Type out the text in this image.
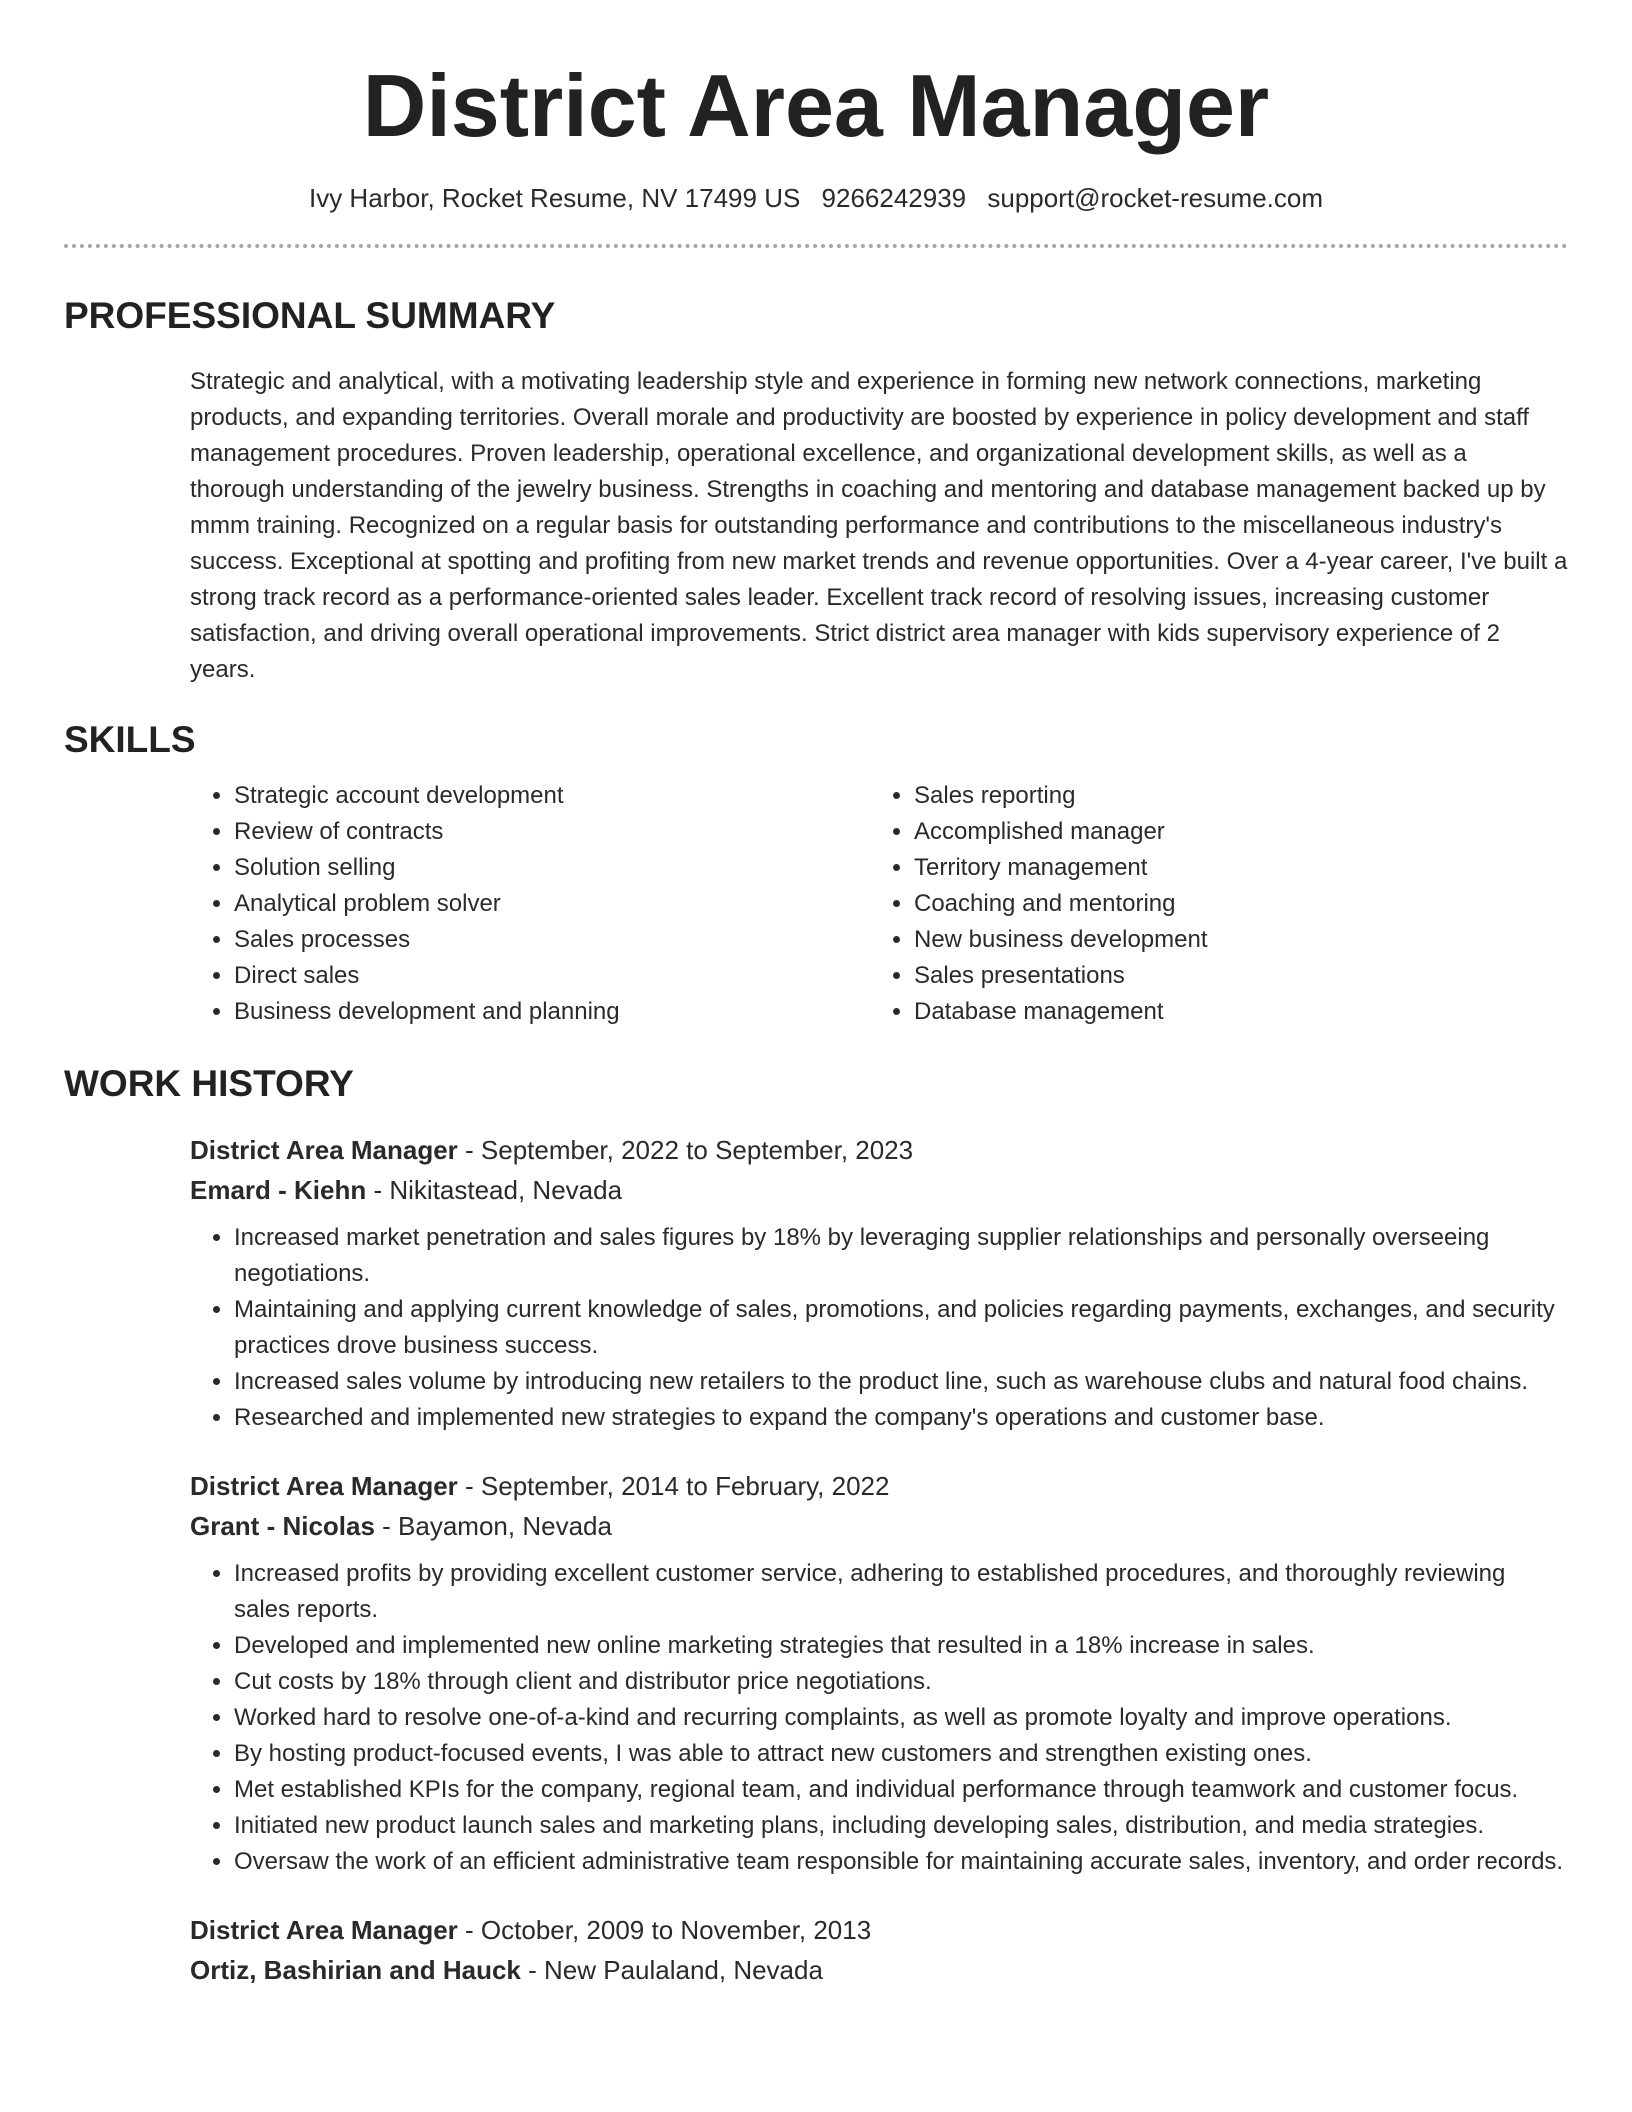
District Area Manager
Ivy Harbor, Rocket Resume, NV 17499 US 9266242939 support@rocket-resume.com
PROFESSIONAL SUMMARY

Strategic and analytical, with a motivating leadership style and experience in forming new network connections, marketing products, and expanding territories. Overall morale and productivity are boosted by experience in policy development and staff management procedures. Proven leadership, operational excellence, and organizational development skills, as well as a thorough understanding of the jewelry business. Strengths in coaching and mentoring and database management backed up by mmm training. Recognized on a regular basis for outstanding performance and contributions to the miscellaneous industry's success. Exceptional at spotting and profiting from new market trends and revenue opportunities. Over a 4-year career, I've built a strong track record as a performance-oriented sales leader. Excellent track record of resolving issues, increasing customer satisfaction, and driving overall operational improvements. Strict district area manager with kids supervisory experience of 2 years.

SKILLS
• Strategic account development
• Review of contracts
• Solution selling
• Analytical problem solver
• Sales processes
• Direct sales
• Business development and planning
• Sales reporting
• Accomplished manager
• Territory management
• Coaching and mentoring
• New business development
• Sales presentations
• Database management
WORK HISTORY
District Area Manager - September, 2022 to September, 2023
Emard - Kiehn - Nikitastead, Nevada
• Increased market penetration and sales figures by 18% by leveraging supplier relationships and personally overseeing negotiations.
• Maintaining and applying current knowledge of sales, promotions, and policies regarding payments, exchanges, and security practices drove business success.
• Increased sales volume by introducing new retailers to the product line, such as warehouse clubs and natural food chains.
• Researched and implemented new strategies to expand the company's operations and customer base.
District Area Manager - September, 2014 to February, 2022
Grant - Nicolas - Bayamon, Nevada
• Increased profits by providing excellent customer service, adhering to established procedures, and thoroughly reviewing sales reports.
• Developed and implemented new online marketing strategies that resulted in a 18% increase in sales.
• Cut costs by 18% through client and distributor price negotiations.
• Worked hard to resolve one-of-a-kind and recurring complaints, as well as promote loyalty and improve operations.
• By hosting product-focused events, I was able to attract new customers and strengthen existing ones.
• Met established KPIs for the company, regional team, and individual performance through teamwork and customer focus.
• Initiated new product launch sales and marketing plans, including developing sales, distribution, and media strategies.
• Oversaw the work of an efficient administrative team responsible for maintaining accurate sales, inventory, and order records.
District Area Manager - October, 2009 to November, 2013
Ortiz, Bashirian and Hauck - New Paulaland, Nevada
